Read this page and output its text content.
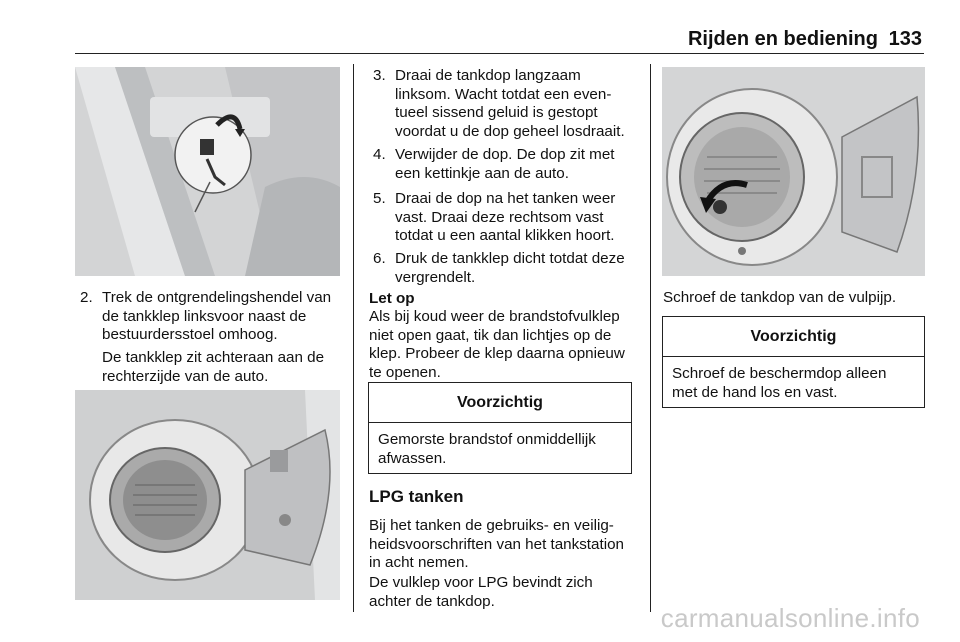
Rijden en bediening 133
2. Trek de ontgrendelingshendel van de tankklep linksvoor naast de bestuurdersstoel omhoog.
De tankklep zit achteraan aan de rechterzijde van de auto.
3. Draai de tankdop langzaam linksom. Wacht totdat een eventueel sissend geluid is gestopt voordat u de dop geheel losdraait.
4. Verwijder de dop. De dop zit met een kettinkje aan de auto.
5. Draai de dop na het tanken weer vast. Draai deze rechtsom vast totdat u een aantal klikken hoort.
6. Druk de tankklep dicht totdat deze vergrendelt.
Let op
Als bij koud weer de brandstofvulklep niet open gaat, tik dan lichtjes op de klep. Probeer de klep daarna opnieuw te openen.
Voorzichtig
Gemorste brandstof onmiddellijk afwassen.
LPG tanken
Bij het tanken de gebruiks- en veiligheidsvoorschriften van het tankstation in acht nemen.
De vulklep voor LPG bevindt zich achter de tankdop.
Schroef de tankdop van de vulpijp.
Voorzichtig
Schroef de beschermdop alleen met de hand los en vast.
carmanualsonline.info
